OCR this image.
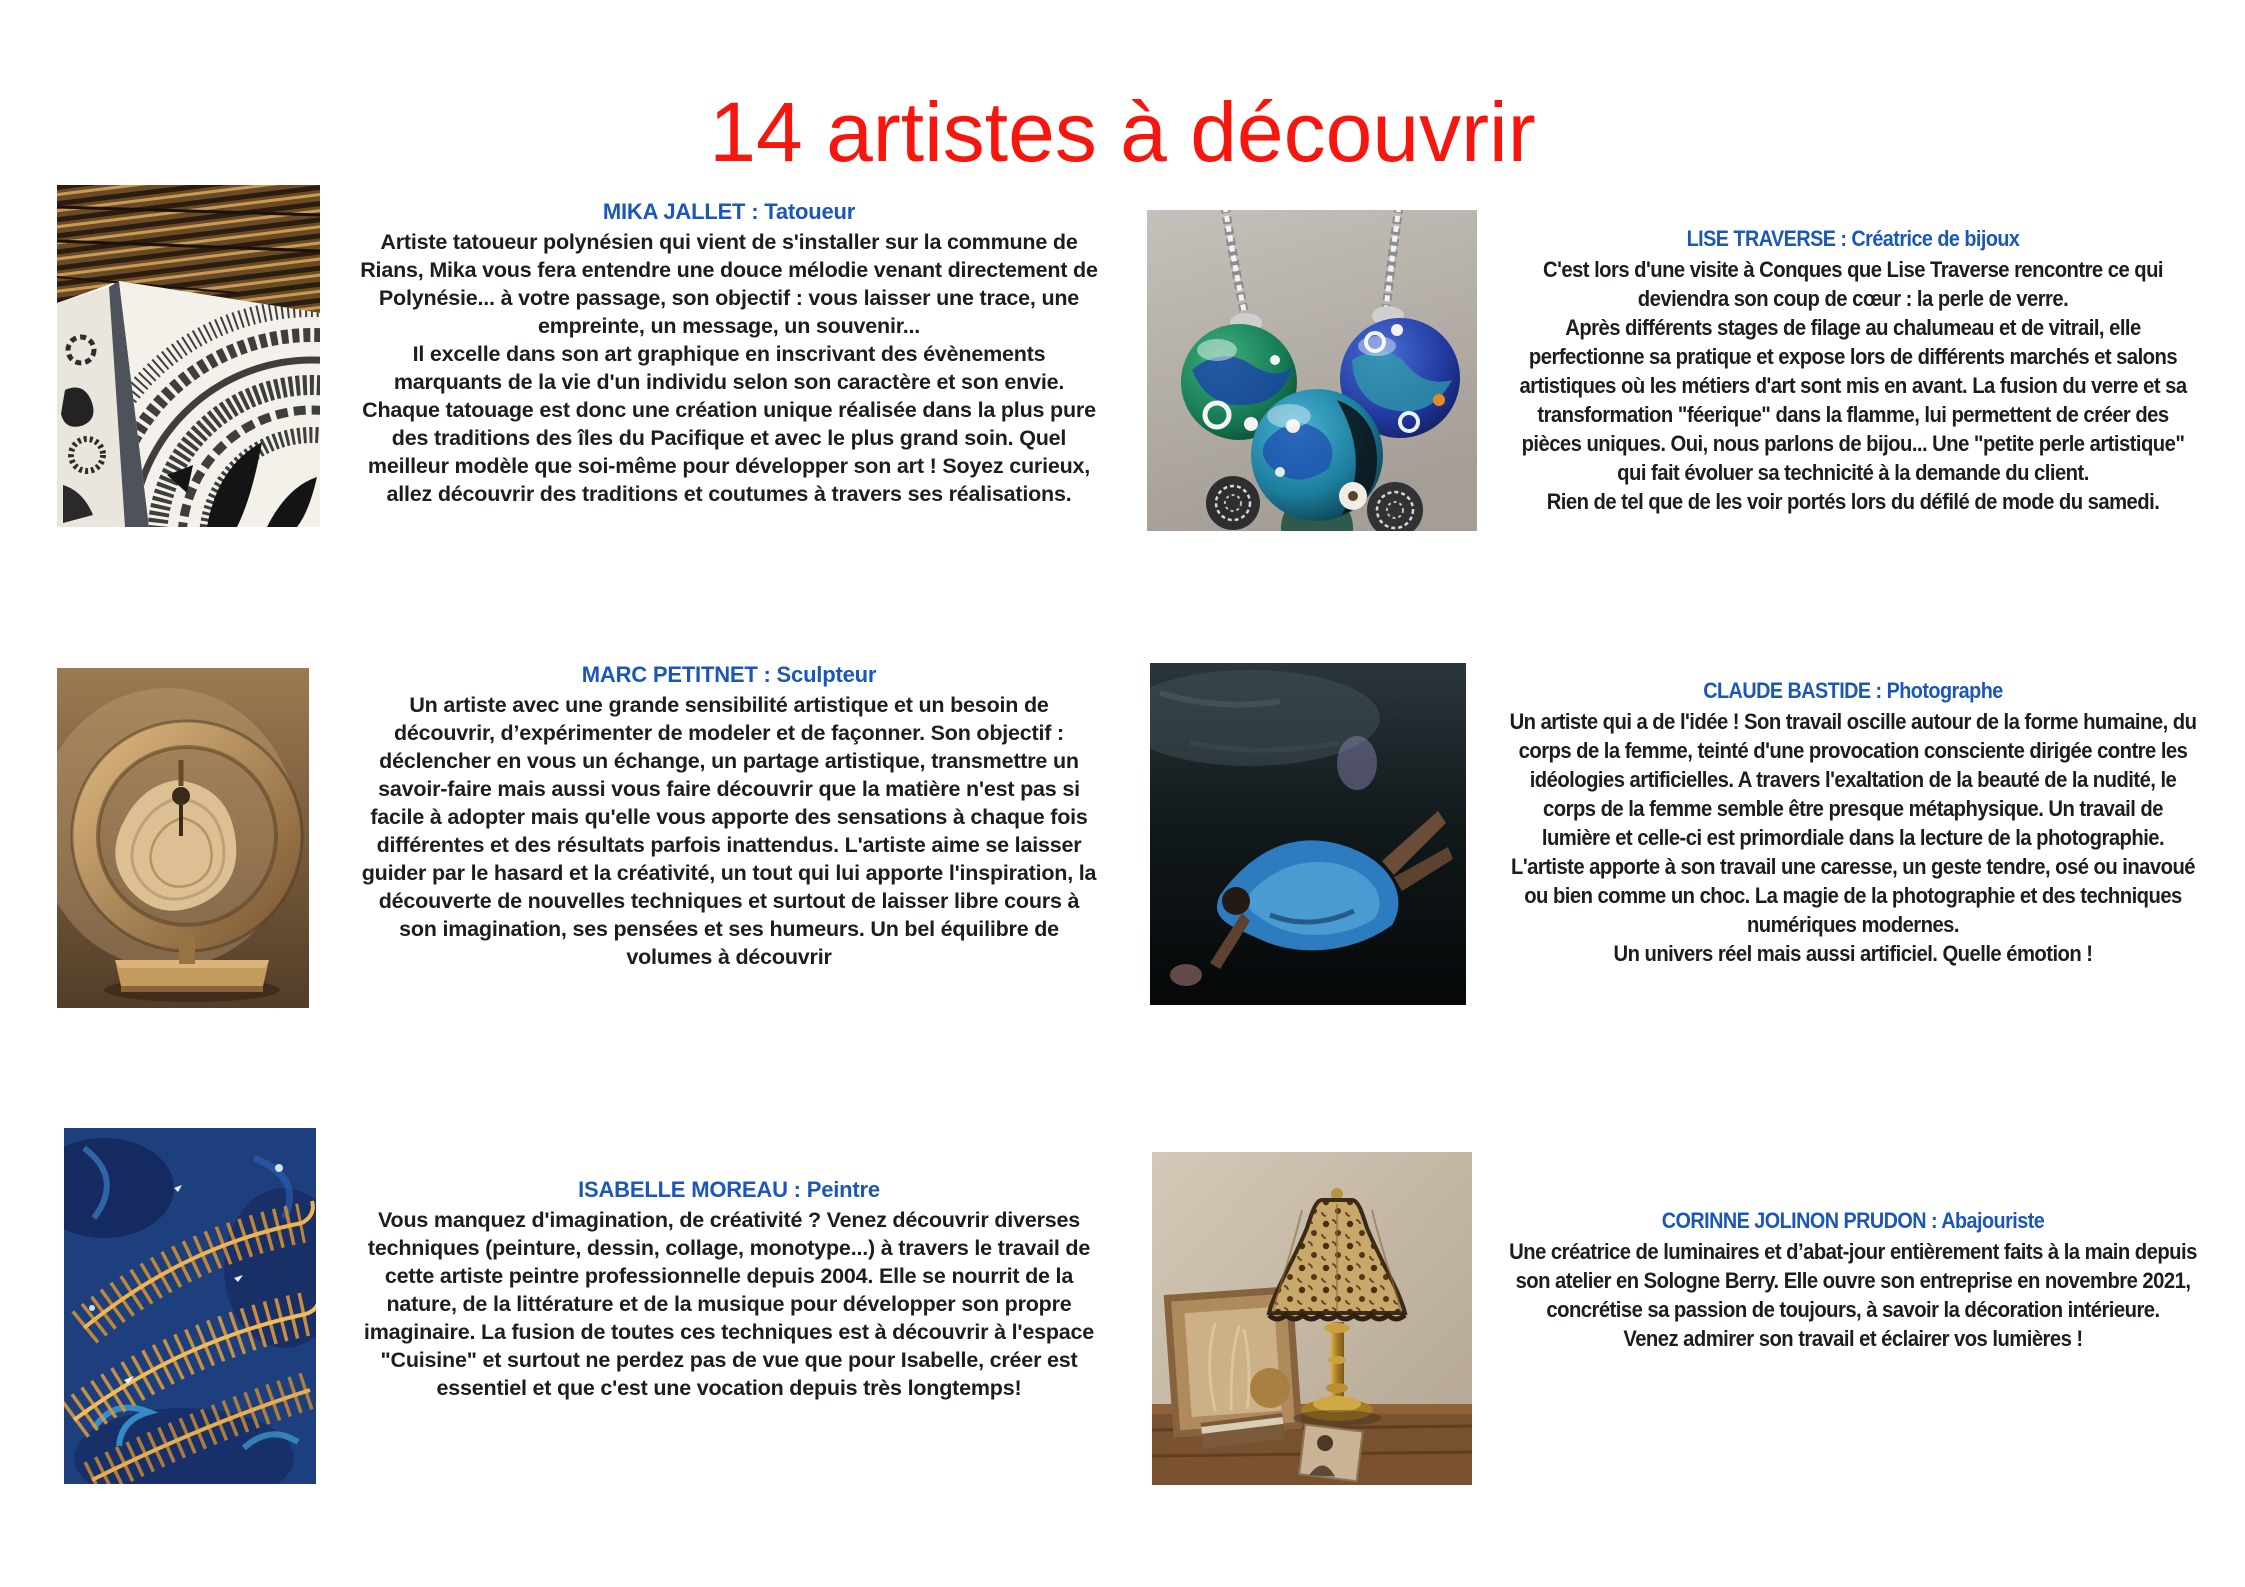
14 artistes à découvrir
MIKA JALLET : Tatoueur

Artiste tatoueur polynésien qui vient de s'installer sur la commune de Rians, Mika vous fera entendre une douce mélodie venant directement de Polynésie... à votre passage, son objectif : vous laisser une trace, une empreinte, un message, un souvenir...

Il excelle dans son art graphique en inscrivant des évènements marquants de la vie d'un individu selon son caractère et son envie. Chaque tatouage est donc une création unique réalisée dans la plus pure des traditions des îles du Pacifique et avec le plus grand soin. Quel meilleur modèle que soi-même pour développer son art ! Soyez curieux, allez découvrir des traditions et coutumes à travers ses réalisations.

LISE TRAVERSE : Créatrice de bijoux

C'est lors d'une visite à Conques que Lise Traverse rencontre ce qui deviendra son coup de cœur : la perle de verre.

Après différents stages de filage au chalumeau et de vitrail, elle perfectionne sa pratique et expose lors de différents marchés et salons artistiques où les métiers d'art sont mis en avant. La fusion du verre et sa transformation "féerique" dans la flamme, lui permettent de créer des pièces uniques. Oui, nous parlons de bijou... Une "petite perle artistique" qui fait évoluer sa technicité à la demande du client.

Rien de tel que de les voir portés lors du défilé de mode du samedi.

MARC PETITNET : Sculpteur

Un artiste avec une grande sensibilité artistique et un besoin de découvrir, d’expérimenter de modeler et de façonner. Son objectif : déclencher en vous un échange, un partage artistique, transmettre un savoir-faire mais aussi vous faire découvrir que la matière n'est pas si facile à adopter mais qu'elle vous apporte des sensations à chaque fois différentes et des résultats parfois inattendus. L'artiste aime se laisser guider par le hasard et la créativité, un tout qui lui apporte l'inspiration, la découverte de nouvelles techniques et surtout de laisser libre cours à son imagination, ses pensées et ses humeurs. Un bel équilibre de volumes à découvrir

CLAUDE BASTIDE : Photographe

Un artiste qui a de l'idée ! Son travail oscille autour de la forme humaine, du corps de la femme, teinté d'une provocation consciente dirigée contre les idéologies artificielles. A travers l'exaltation de la beauté de la nudité, le corps de la femme semble être presque métaphysique. Un travail de lumière et celle-ci est primordiale dans la lecture de la photographie. L'artiste apporte à son travail une caresse, un geste tendre, osé ou inavoué ou bien comme un choc. La magie de la photographie et des techniques numériques modernes.

Un univers réel mais aussi artificiel. Quelle émotion !

ISABELLE MOREAU : Peintre

Vous manquez d'imagination, de créativité ? Venez découvrir diverses techniques (peinture, dessin, collage, monotype...) à travers le travail de cette artiste peintre professionnelle depuis 2004. Elle se nourrit de la nature, de la littérature et de la musique pour développer son propre imaginaire. La fusion de toutes ces techniques est à découvrir à l'espace "Cuisine" et surtout ne perdez pas de vue que pour Isabelle, créer est essentiel et que c'est une vocation depuis très longtemps!

CORINNE JOLINON PRUDON : Abajouriste

Une créatrice de luminaires et d’abat-jour entièrement faits à la main depuis son atelier en Sologne Berry. Elle ouvre son entreprise en novembre 2021, concrétise sa passion de toujours, à savoir la décoration intérieure.

Venez admirer son travail et éclairer vos lumières !
